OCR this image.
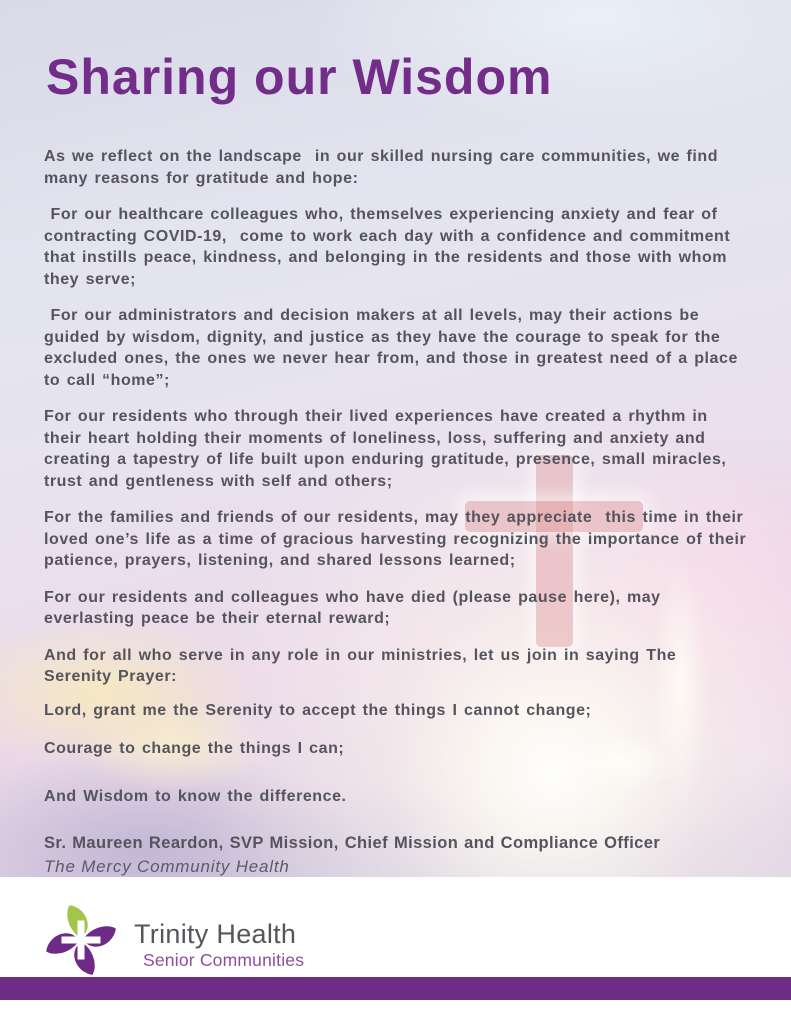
Sharing our Wisdom

As we reflect on the landscape  in our skilled nursing care communities, we find many reasons for gratitude and hope:

For our healthcare colleagues who, themselves experiencing anxiety and fear of contracting COVID-19,  come to work each day with a confidence and commitment that instills peace, kindness, and belonging in the residents and those with whom they serve;

For our administrators and decision makers at all levels, may their actions be guided by wisdom, dignity, and justice as they have the courage to speak for the excluded ones, the ones we never hear from, and those in greatest need of a place to call “home”;

For our residents who through their lived experiences have created a rhythm in their heart holding their moments of loneliness, loss, suffering and anxiety and creating a tapestry of life built upon enduring gratitude, presence, small miracles, trust and gentleness with self and others;

For the families and friends of our residents, may they appreciate  this time in their loved one’s life as a time of gracious harvesting recognizing the importance of their patience, prayers, listening, and shared lessons learned;

For our residents and colleagues who have died (please pause here), may everlasting peace be their eternal reward;

And for all who serve in any role in our ministries, let us join in saying The Serenity Prayer:

Lord, grant me the Serenity to accept the things I cannot change;

Courage to change the things I can;

And Wisdom to know the difference.

Sr. Maureen Reardon, SVP Mission, Chief Mission and Compliance Officer

The Mercy Community Health

Trinity Health
Senior Communities
